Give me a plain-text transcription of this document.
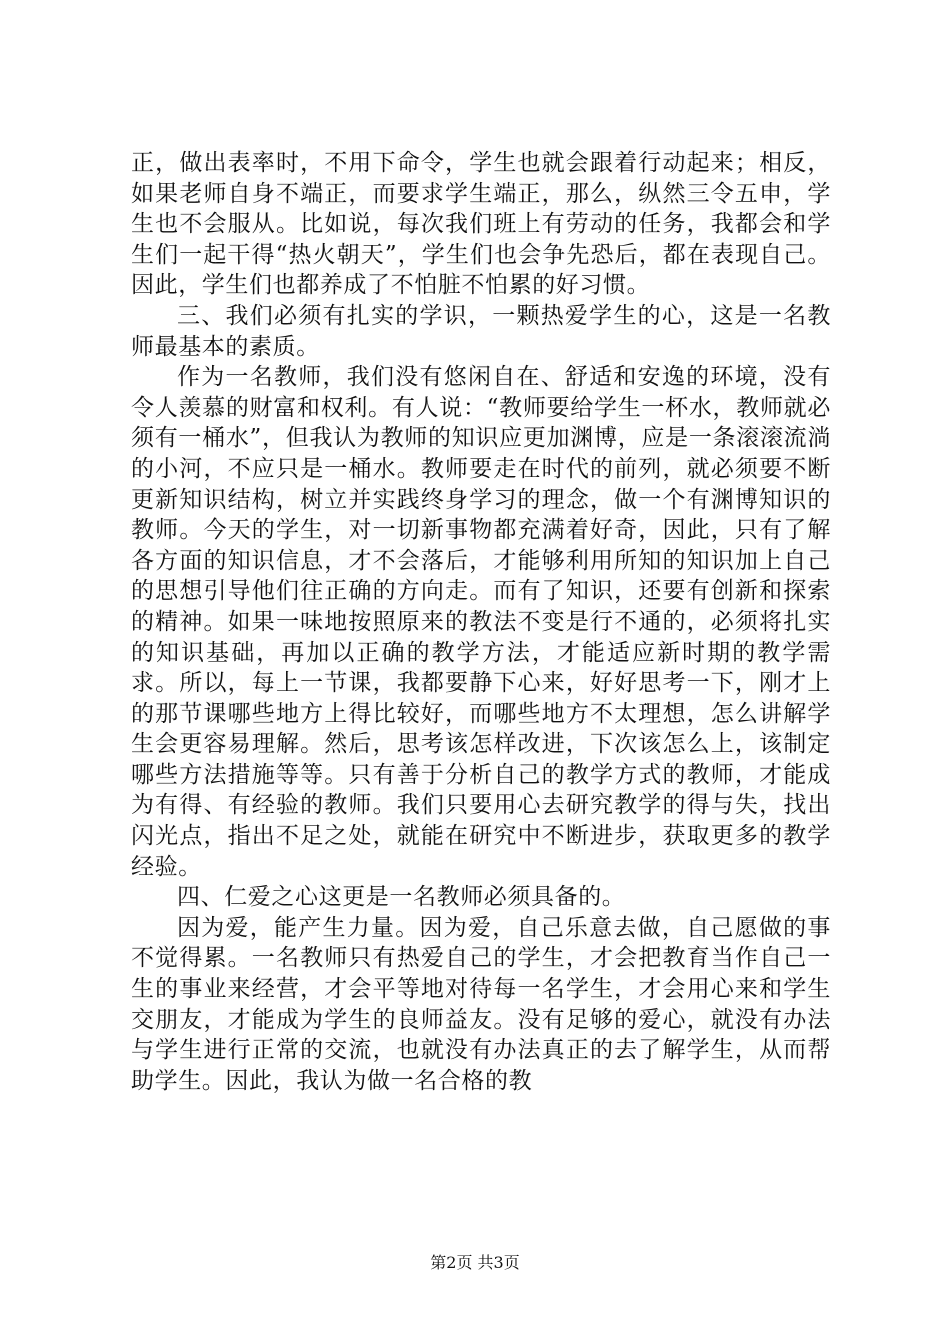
正，做出表率时，不用下命令，学生也就会跟着行动起来；相反，如果老师自身不端正，而要求学生端正，那么，纵然三令五申，学生也不会服从。比如说，每次我们班上有劳动的任务，我都会和学生们一起干得“热火朝天”，学生们也会争先恐后，都在表现自己。因此，学生们也都养成了不怕脏不怕累的好习惯。

三、我们必须有扎实的学识，一颗热爱学生的心，这是一名教师最基本的素质。

作为一名教师，我们没有悠闲自在、舒适和安逸的环境，没有令人羡慕的财富和权利。有人说：“教师要给学生一杯水，教师就必须有一桶水”，但我认为教师的知识应更加渊博，应是一条滚滚流淌的小河，不应只是一桶水。教师要走在时代的前列，就必须要不断更新知识结构，树立并实践终身学习的理念，做一个有渊博知识的教师。今天的学生，对一切新事物都充满着好奇，因此，只有了解各方面的知识信息，才不会落后，才能够利用所知的知识加上自己的思想引导他们往正确的方向走。而有了知识，还要有创新和探索的精神。如果一味地按照原来的教法不变是行不通的，必须将扎实的知识基础，再加以正确的教学方法，才能适应新时期的教学需求。所以，每上一节课，我都要静下心来，好好思考一下，刚才上的那节课哪些地方上得比较好，而哪些地方不太理想，怎么讲解学生会更容易理解。然后，思考该怎样改进，下次该怎么上，该制定哪些方法措施等等。只有善于分析自己的教学方式的教师，才能成为有得、有经验的教师。我们只要用心去研究教学的得与失，找出闪光点，指出不足之处，就能在研究中不断进步，获取更多的教学经验。

四、仁爱之心这更是一名教师必须具备的。

因为爱，能产生力量。因为爱，自己乐意去做，自己愿做的事不觉得累。一名教师只有热爱自己的学生，才会把教育当作自己一生的事业来经营，才会平等地对待每一名学生，才会用心来和学生交朋友，才能成为学生的良师益友。没有足够的爱心，就没有办法与学生进行正常的交流，也就没有办法真正的去了解学生，从而帮助学生。因此，我认为做一名合格的教

第2页 共3页
